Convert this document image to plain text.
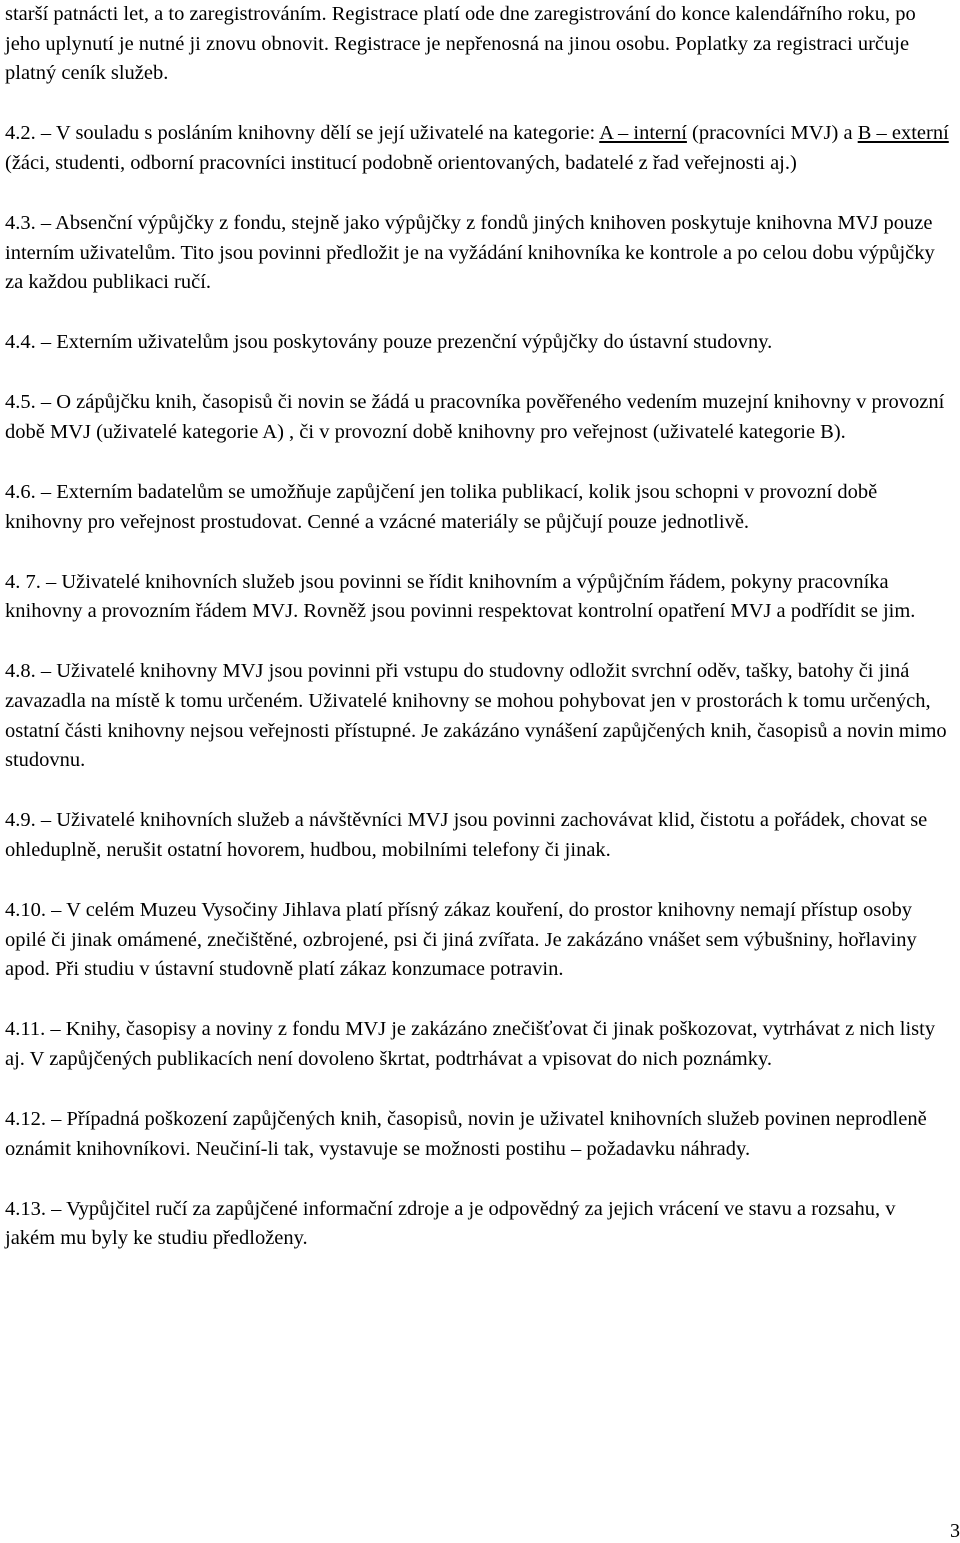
starší patnácti let, a to zaregistrováním. Registrace platí ode dne zaregistrování do konce kalendářního roku, po jeho uplynutí je nutné ji znovu obnovit. Registrace je nepřenosná na jinou osobu. Poplatky za registraci určuje platný ceník služeb.

4.2. – V souladu s posláním knihovny dělí se její uživatelé na kategorie: A – interní (pracovníci MVJ) a B – externí (žáci, studenti, odborní pracovníci institucí podobně orientovaných, badatelé z řad veřejnosti aj.)

4.3. – Absenční výpůjčky z fondu, stejně jako výpůjčky z fondů jiných knihoven poskytuje knihovna MVJ pouze interním uživatelům. Tito jsou povinni předložit je na vyžádání knihovníka ke kontrole a po celou dobu výpůjčky za každou publikaci ručí.

4.4. – Externím uživatelům jsou poskytovány pouze prezenční výpůjčky do ústavní studovny.

4.5. – O zápůjčku knih, časopisů či novin se žádá u pracovníka pověřeného vedením muzejní knihovny v provozní době MVJ (uživatelé kategorie A) , či v provozní době knihovny pro veřejnost (uživatelé kategorie B).

4.6. – Externím badatelům se umožňuje zapůjčení jen tolika publikací, kolik jsou schopni v provozní době knihovny pro veřejnost prostudovat. Cenné a vzácné materiály se půjčují pouze jednotlivě.

4. 7. – Uživatelé knihovních služeb jsou povinni se řídit knihovním a výpůjčním řádem, pokyny pracovníka knihovny a provozním řádem MVJ. Rovněž jsou povinni respektovat kontrolní opatření MVJ a podřídit se jim.

4.8. – Uživatelé knihovny MVJ jsou povinni při vstupu do studovny odložit svrchní oděv, tašky, batohy či jiná zavazadla na místě k tomu určeném. Uživatelé knihovny se mohou pohybovat jen v prostorách k tomu určených, ostatní části knihovny nejsou veřejnosti přístupné. Je zakázáno vynášení zapůjčených knih, časopisů a novin mimo studovnu.

4.9. – Uživatelé knihovních služeb a návštěvníci MVJ jsou povinni zachovávat klid, čistotu a pořádek, chovat se ohleduplně, nerušit ostatní hovorem, hudbou, mobilními telefony či jinak.

4.10. – V celém Muzeu Vysočiny Jihlava platí přísný zákaz kouření, do prostor knihovny nemají přístup osoby opilé či jinak omámené, znečištěné, ozbrojené, psi či jiná zvířata. Je zakázáno vnášet sem výbušniny, hořlaviny apod. Při studiu v ústavní studovně platí zákaz konzumace potravin.

4.11. – Knihy, časopisy a noviny z fondu MVJ je zakázáno znečišťovat či jinak poškozovat, vytrhávat z nich listy aj. V zapůjčených publikacích není dovoleno škrtat, podtrhávat a vpisovat do nich poznámky.

4.12. – Případná poškození zapůjčených knih, časopisů, novin je uživatel knihovních služeb povinen neprodleně oznámit knihovníkovi. Neučiní-li tak, vystavuje se možnosti postihu – požadavku náhrady.

4.13. – Vypůjčitel ručí za zapůjčené informační zdroje a je odpovědný za jejich vrácení ve stavu a rozsahu, v jakém mu byly ke studiu předloženy.

3
